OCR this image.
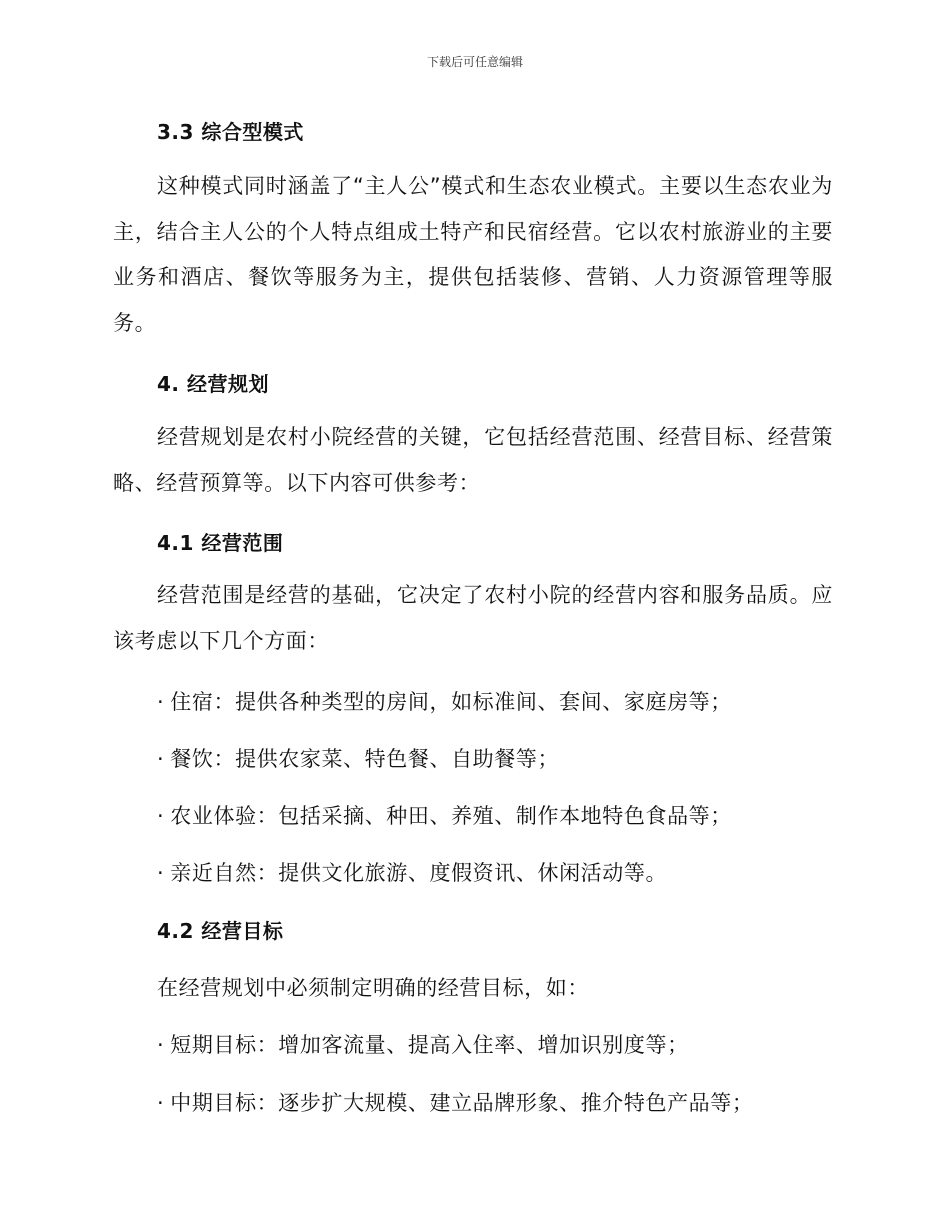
下载后可任意编辑
3.3 综合型模式

这种模式同时涵盖了“主人公”模式和生态农业模式。主要以生态农业为主，结合主人公的个人特点组成土特产和民宿经营。它以农村旅游业的主要业务和酒店、餐饮等服务为主，提供包括装修、营销、人力资源管理等服务。

4. 经营规划

经营规划是农村小院经营的关键，它包括经营范围、经营目标、经营策略、经营预算等。以下内容可供参考：

4.1 经营范围

经营范围是经营的基础，它决定了农村小院的经营内容和服务品质。应该考虑以下几个方面：

· 住宿：提供各种类型的房间，如标准间、套间、家庭房等；
· 餐饮：提供农家菜、特色餐、自助餐等；
· 农业体验：包括采摘、种田、养殖、制作本地特色食品等；
· 亲近自然：提供文化旅游、度假资讯、休闲活动等。
4.2 经营目标

在经营规划中必须制定明确的经营目标，如：

· 短期目标：增加客流量、提高入住率、增加识别度等；
· 中期目标：逐步扩大规模、建立品牌形象、推介特色产品等；
